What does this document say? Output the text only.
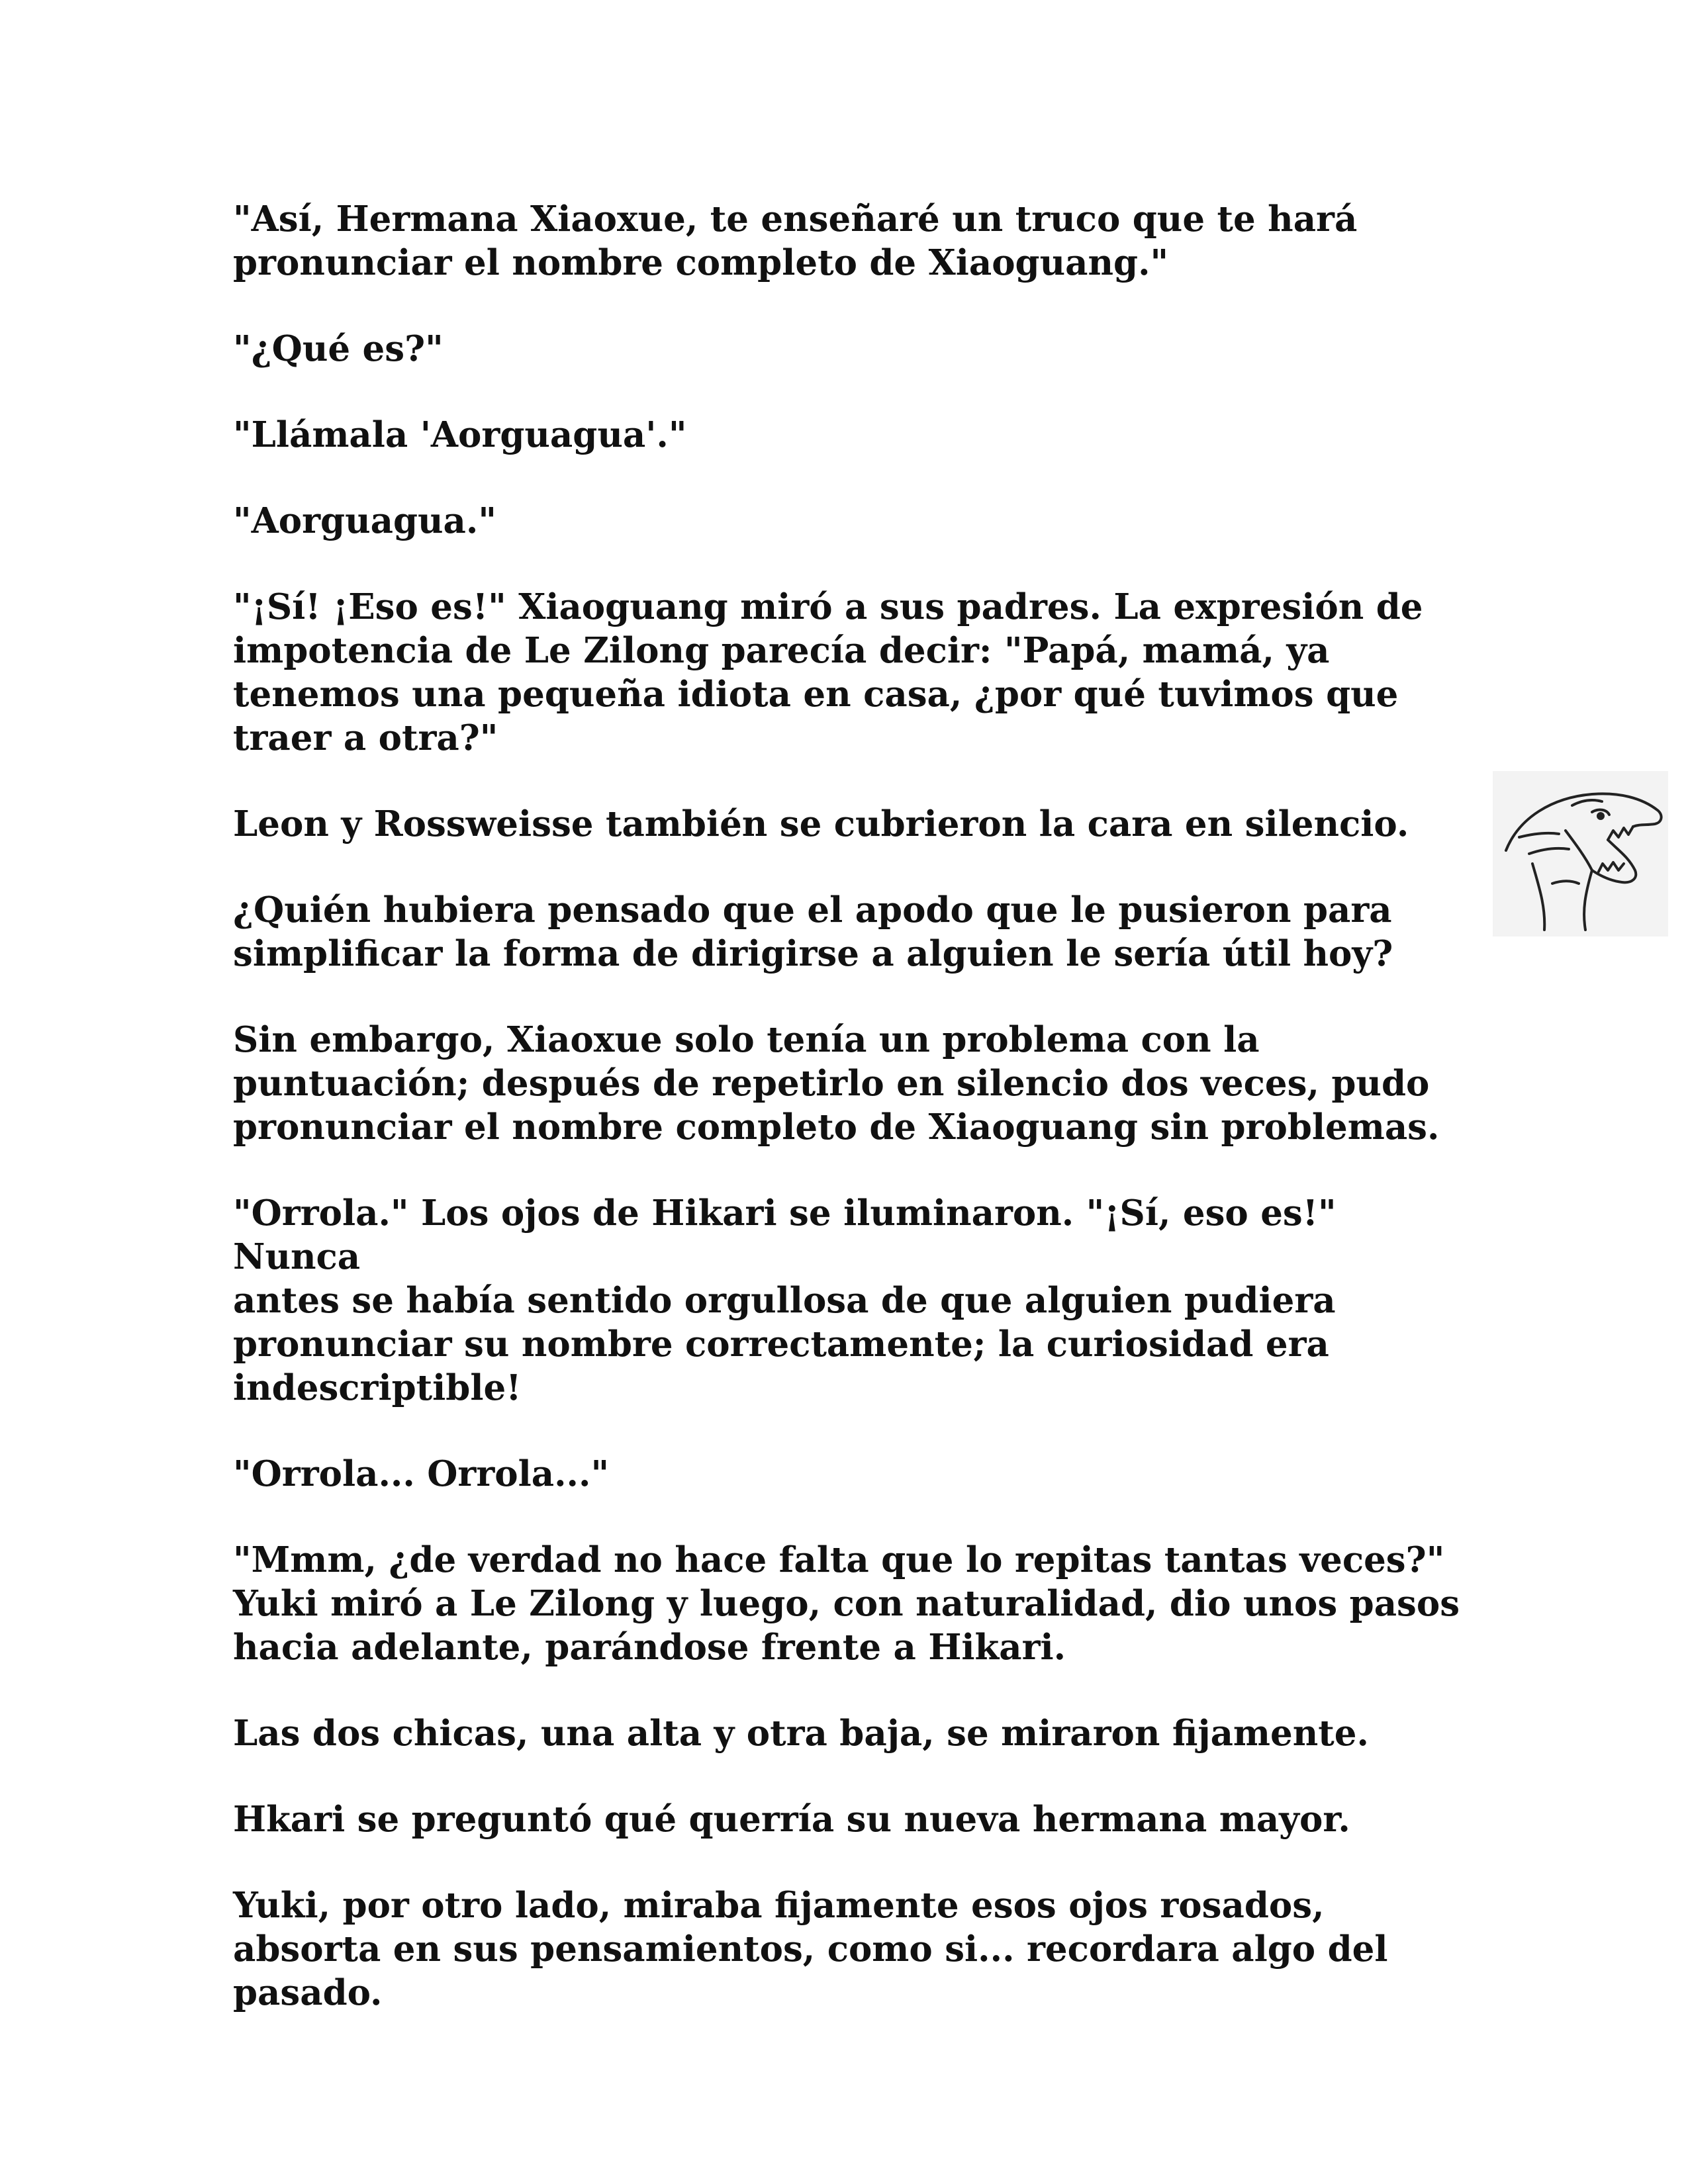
"Así, Hermana Xiaoxue, te enseñaré un truco que te hará
pronunciar el nombre completo de Xiaoguang."

"¿Qué es?"

"Llámala 'Aorguagua'."

"Aorguagua."

"¡Sí! ¡Eso es!" Xiaoguang miró a sus padres. La expresión de
impotencia de Le Zilong parecía decir: "Papá, mamá, ya
tenemos una pequeña idiota en casa, ¿por qué tuvimos que
traer a otra?"

Leon y Rossweisse también se cubrieron la cara en silencio.

¿Quién hubiera pensado que el apodo que le pusieron para
simplificar la forma de dirigirse a alguien le sería útil hoy?

Sin embargo, Xiaoxue solo tenía un problema con la
puntuación; después de repetirlo en silencio dos veces, pudo
pronunciar el nombre completo de Xiaoguang sin problemas.

"Orrola." Los ojos de Hikari se iluminaron. "¡Sí, eso es!" Nunca
antes se había sentido orgullosa de que alguien pudiera
pronunciar su nombre correctamente; la curiosidad era
indescriptible!

"Orrola... Orrola..."

"Mmm, ¿de verdad no hace falta que lo repitas tantas veces?"
Yuki miró a Le Zilong y luego, con naturalidad, dio unos pasos
hacia adelante, parándose frente a Hikari.

Las dos chicas, una alta y otra baja, se miraron fijamente.

Hkari se preguntó qué querría su nueva hermana mayor.

Yuki, por otro lado, miraba fijamente esos ojos rosados,
absorta en sus pensamientos, como si... recordara algo del
pasado.
